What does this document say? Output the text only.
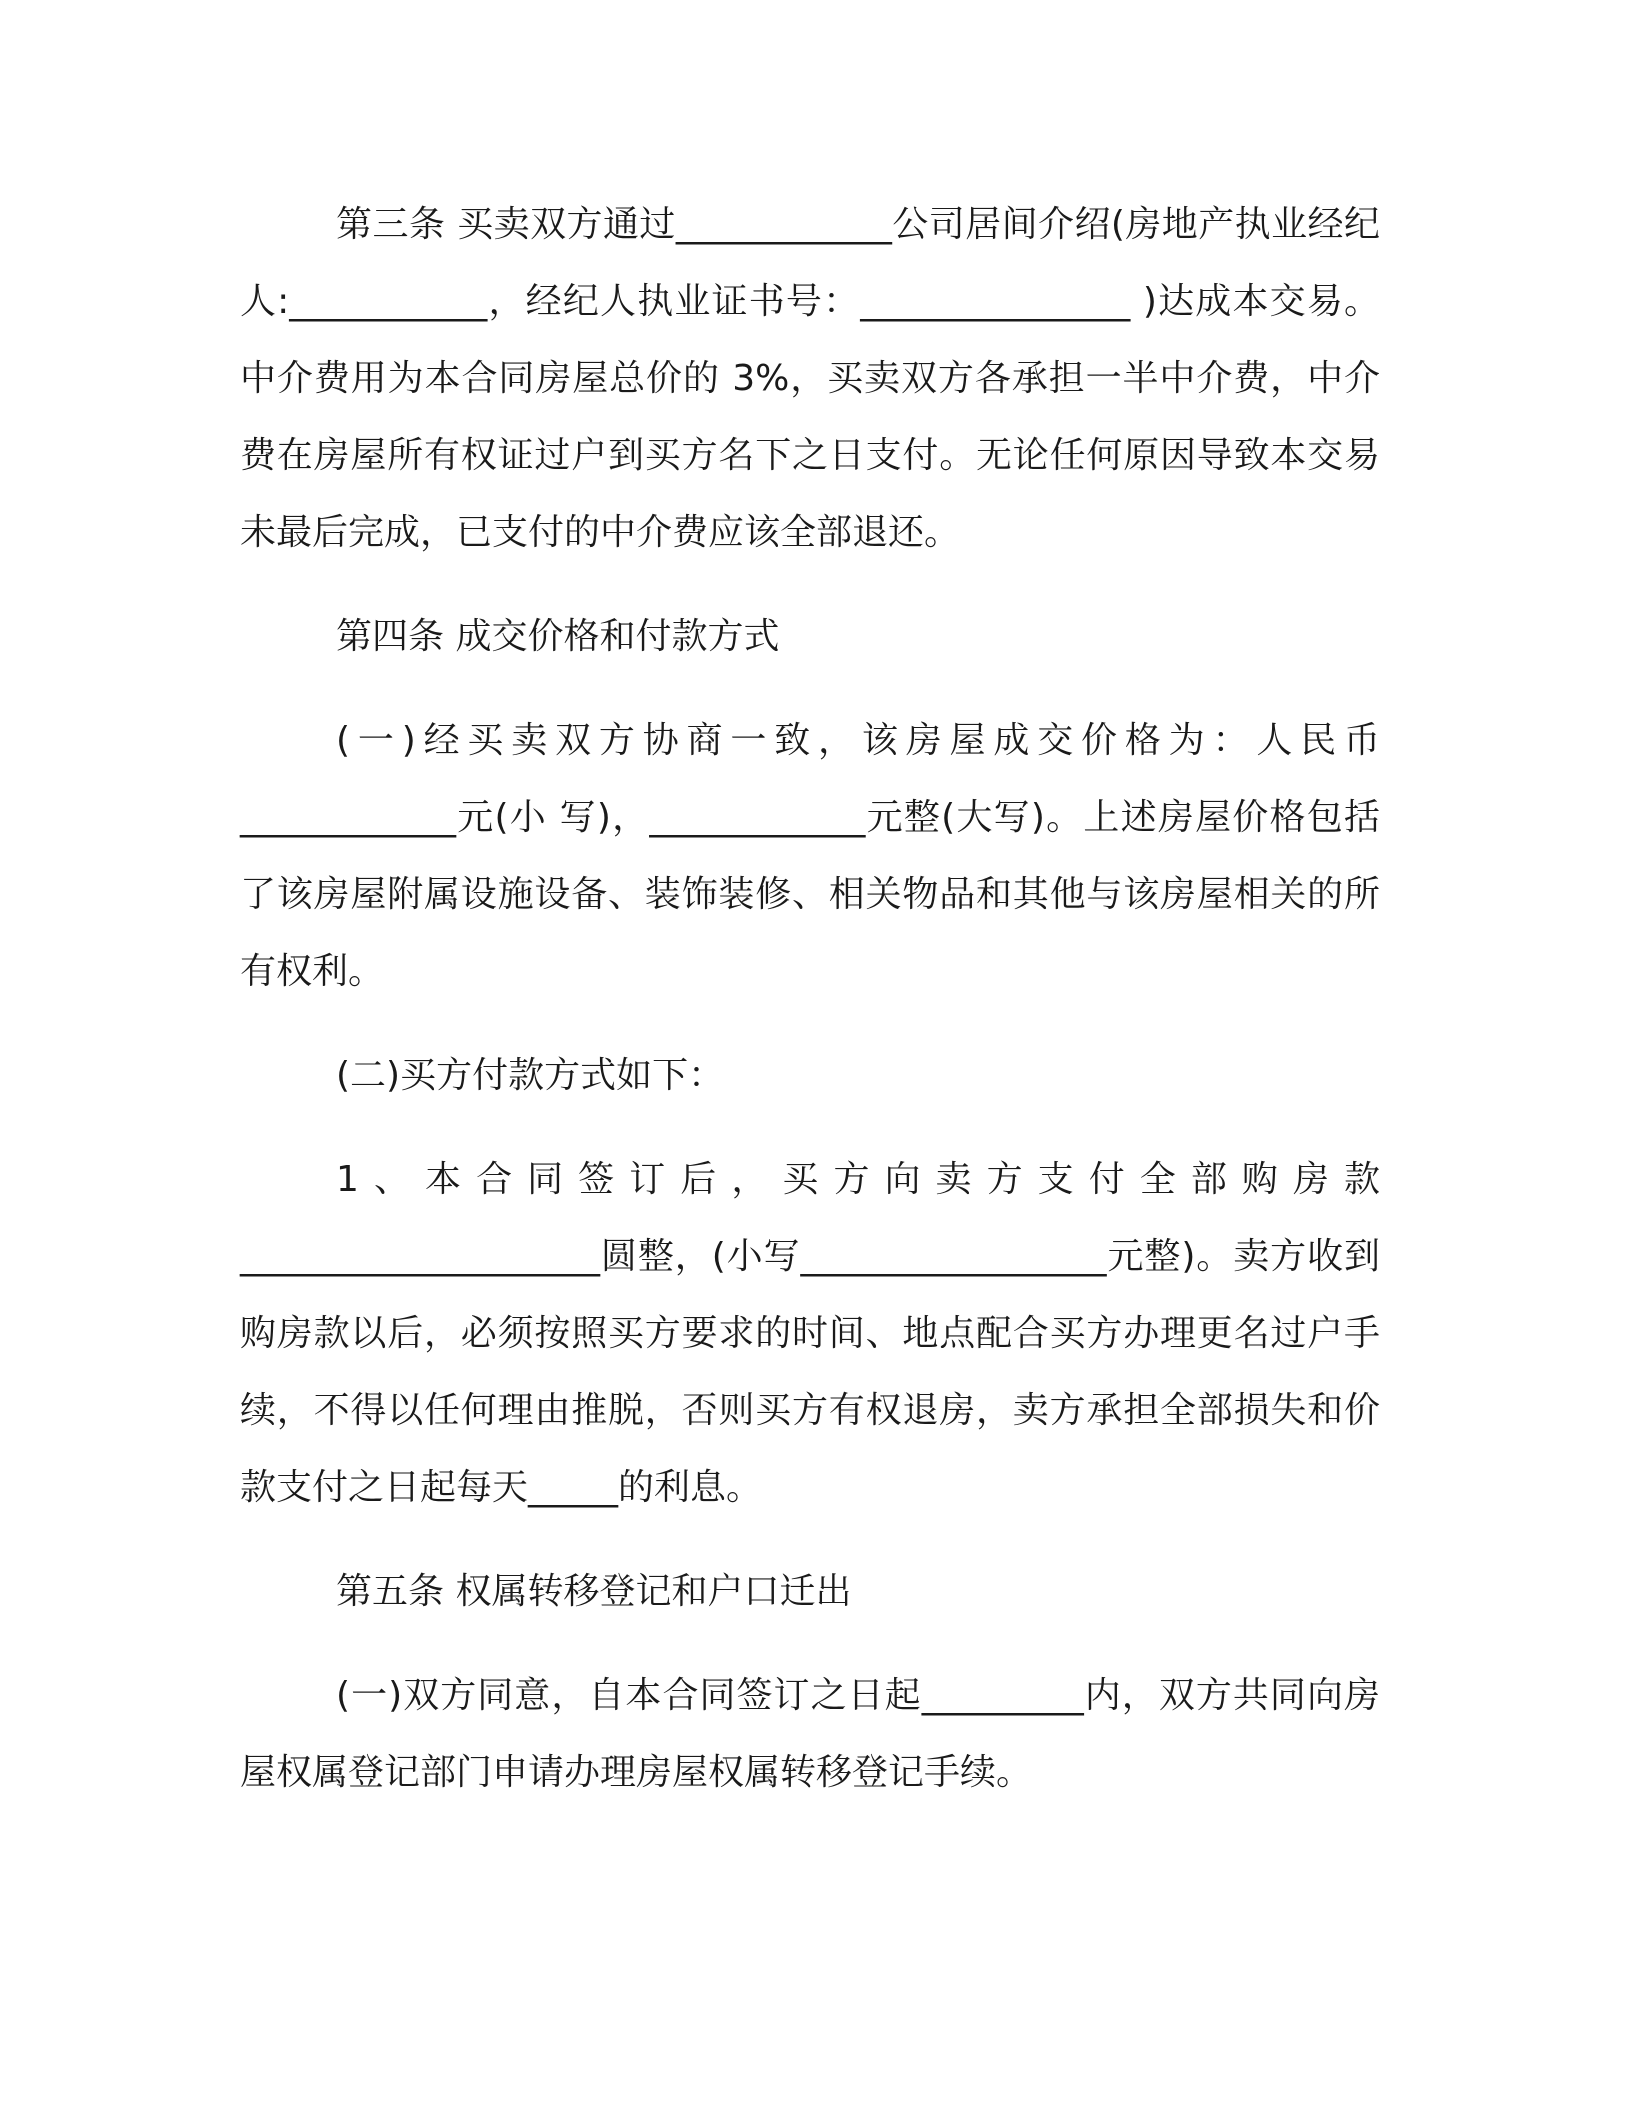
第三条 买卖双方通过____________公司居间介绍(房地产执业经纪人:___________，经纪人执业证书号：_______________ )达成本交易。中介费用为本合同房屋总价的 3%，买卖双方各承担一半中介费，中介费在房屋所有权证过户到买方名下之日支付。无论任何原因导致本交易未最后完成，已支付的中介费应该全部退还。

第四条 成交价格和付款方式

(一)经买卖双方协商一致，该房屋成交价格为：人民币 ____________元(小 写)，____________元整(大写)。上述房屋价格包括了该房屋附属设施设备、装饰装修、相关物品和其他与该房屋相关的所有权利。

(二)买方付款方式如下：

1、本合同签订后，买方向卖方支付全部购房款 ____________________圆整，(小写_________________元整)。卖方收到购房款以后，必须按照买方要求的时间、地点配合买方办理更名过户手续，不得以任何理由推脱，否则买方有权退房，卖方承担全部损失和价款支付之日起每天_____的利息。

第五条 权属转移登记和户口迁出

(一)双方同意，自本合同签订之日起_________内，双方共同向房屋权属登记部门申请办理房屋权属转移登记手续。
